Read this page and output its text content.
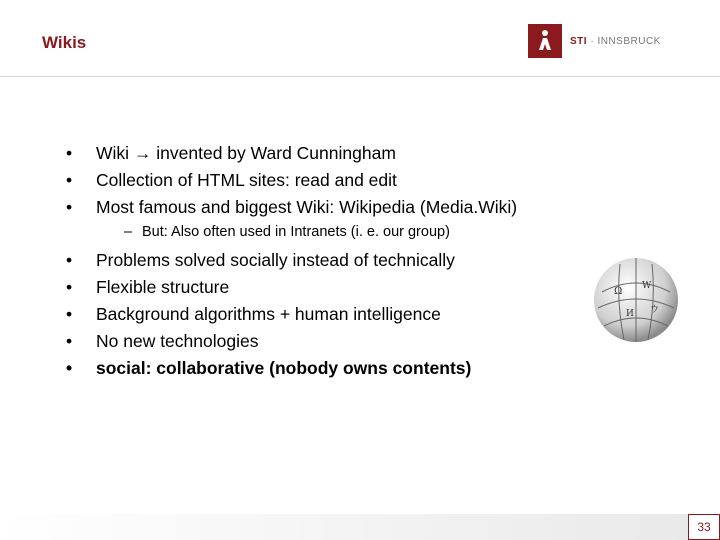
Wikis	STI · INNSBRUCK
•	Wiki → invented by Ward Cunningham
•	Collection of HTML sites: read and edit
•	Most famous and biggest Wiki: Wikipedia (Media.Wiki)
– But: Also often used in Intranets (i. e. our group)
•	Problems solved socially instead of technically
•	Flexible structure
•	Background algorithms + human intelligence
•	No new technologies
•	social: collaborative (nobody owns contents)
Ω W
И ウ
33
